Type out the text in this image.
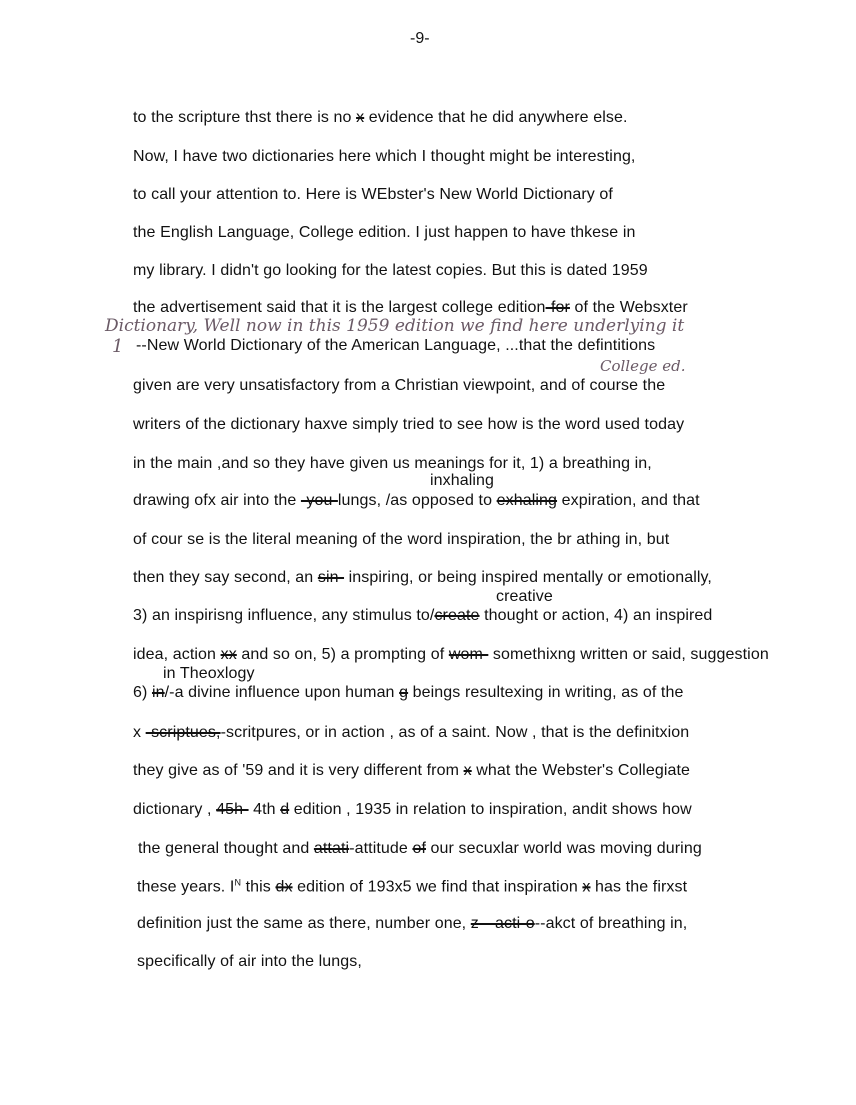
-9-
to the scripture thst there is no x evidence that he did anywhere else.
Now, I have two dictionaries here which I thought might be interesting,
to call your attention to. Here is WEbster's New World Dictionary of
the English Language, College edition. I just happen to have thkese in
my library. I didn't go looking for the latest copies. But this is dated 1959
the advertisement said that it is the largest college edition-for of the Websxter
--New World Dictionary of the American Language, ...that the defintitions
given are very unsatisfactory from a Christian viewpoint, and of course the
writers of the dictionary haxve simply tried to see how is the word used today
in the main ,and so they have given us meanings for it, 1) a breathing in,
inxhaling
drawing ofx air into the -you-lungs, /as opposed to exhaling expiration, and that
of cour se is the literal meaning of the word inspiration, the br athing in, but
then they say second, an sin- inspiring, or being inspired mentally or emotionally,
creative
3) an inspirisng influence, any stimulus to/create thought or action, 4) an inspired
idea, action xx and so on, 5) a prompting of wom- somethixng written or said, suggestion
in Theoxlogy
6) in/-a divine influence upon human g beings resultexing in writing, as of the
x -scriptues,-scritpures, or in action , as of a saint. Now , that is the definitxion
they give as of '59 and it is very different from x what the Webster's Collegiate
dictionary , 45h- 4th d edition , 1935 in relation to inspiration, andit shows how
the general thought and attati-attitude of our secuxlar world was moving during
these years. $I^N$ this dx edition of 193x5 we find that inspiration x has the firxst
definition just the same as there, number one, z—acti-o--akct of breathing in,
specifically of air into the lungs,
Dictionary, Well now in this 1959 edition we find here underlying it
College ed.
1
